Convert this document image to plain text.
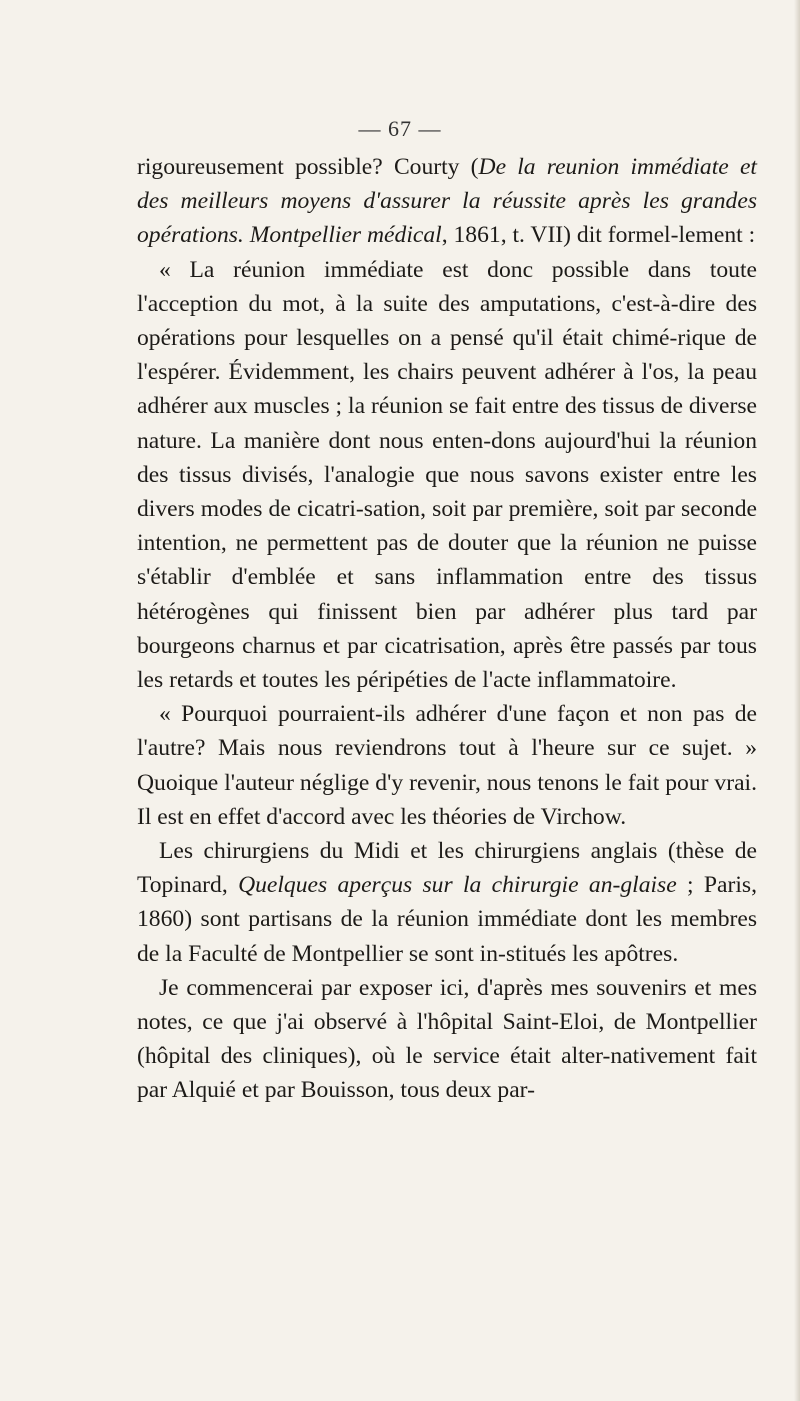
— 67 —

rigoureusement possible? Courty (De la reunion immédiate et des meilleurs moyens d'assurer la réussite après les grandes opérations. Montpellier médical, 1861, t. VII) dit formel-lement :

« La réunion immédiate est donc possible dans toute l'acception du mot, à la suite des amputations, c'est-à-dire des opérations pour lesquelles on a pensé qu'il était chimé-rique de l'espérer. Évidemment, les chairs peuvent adhérer à l'os, la peau adhérer aux muscles ; la réunion se fait entre des tissus de diverse nature. La manière dont nous enten-dons aujourd'hui la réunion des tissus divisés, l'analogie que nous savons exister entre les divers modes de cicatri-sation, soit par première, soit par seconde intention, ne permettent pas de douter que la réunion ne puisse s'établir d'emblée et sans inflammation entre des tissus hétérogènes qui finissent bien par adhérer plus tard par bourgeons charnus et par cicatrisation, après être passés par tous les retards et toutes les péripéties de l'acte inflammatoire.

« Pourquoi pourraient-ils adhérer d'une façon et non pas de l'autre? Mais nous reviendrons tout à l'heure sur ce sujet. » Quoique l'auteur néglige d'y revenir, nous tenons le fait pour vrai. Il est en effet d'accord avec les théories de Virchow.

Les chirurgiens du Midi et les chirurgiens anglais (thèse de Topinard, Quelques aperçus sur la chirurgie an-glaise ; Paris, 1860) sont partisans de la réunion immédiate dont les membres de la Faculté de Montpellier se sont in-stitués les apôtres.

Je commencerai par exposer ici, d'après mes souvenirs et mes notes, ce que j'ai observé à l'hôpital Saint-Eloi, de Montpellier (hôpital des cliniques), où le service était alter-nativement fait par Alquié et par Bouisson, tous deux par-
